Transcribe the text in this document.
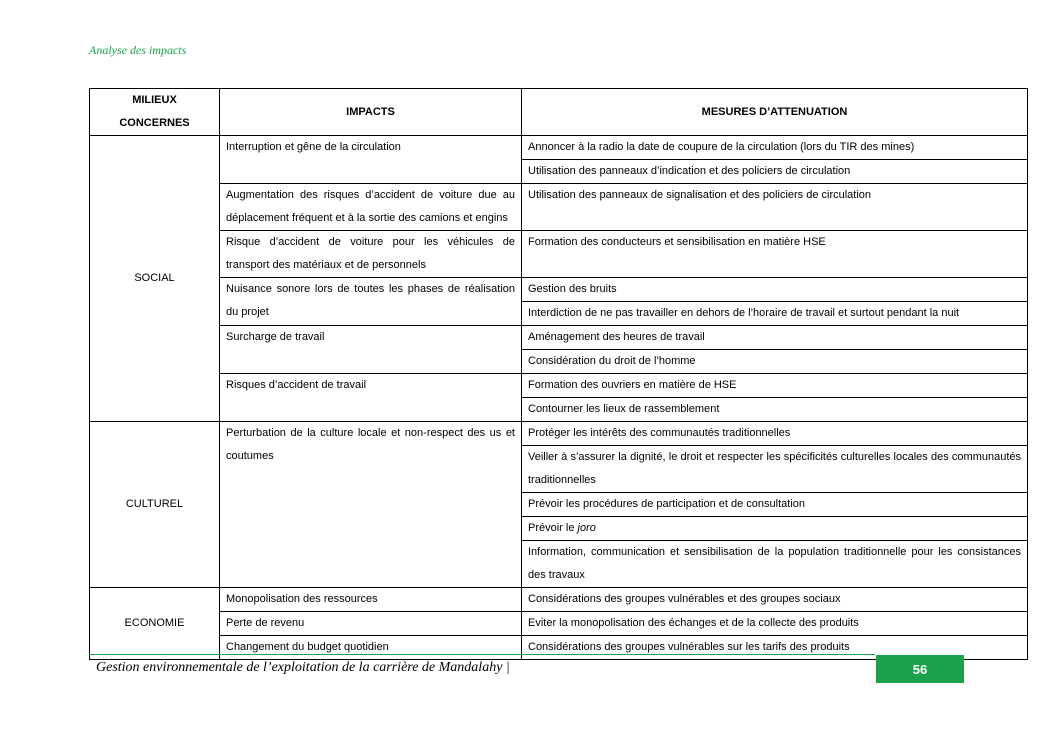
Analyse des impacts
MILIEUX CONCERNES	IMPACTS	MESURES D’ATTENUATION
SOCIAL	Interruption et gêne de la circulation	Annoncer à la radio la date de coupure de la circulation (lors du TIR des mines)
		Utilisation des panneaux d’indication et des policiers de circulation
	Augmentation des risques d’accident de voiture due au déplacement fréquent et à la sortie des camions et engins	Utilisation des panneaux de signalisation et des policiers de circulation
	Risque d’accident de voiture pour les véhicules de transport des matériaux et de personnels	Formation des conducteurs et sensibilisation en matière HSE
	Nuisance sonore lors de toutes les phases de réalisation du projet	Gestion des bruits
		Interdiction de ne pas travailler en dehors de l’horaire de travail et surtout pendant la nuit
	Surcharge de travail	Aménagement des heures de travail
		Considération du droit de l’homme
	Risques d’accident de travail	Formation des ouvriers en matière de HSE
		Contourner les lieux de rassemblement
CULTUREL	Perturbation de la culture locale et non-respect des us et coutumes	Protéger les intérêts des communautés traditionnelles
		Veiller à s’assurer la dignité, le droit et respecter les spécificités culturelles locales des communautés traditionnelles
		Prévoir les procédures de participation et de consultation
		Prévoir le joro
		Information, communication et sensibilisation de la population traditionnelle pour les consistances des travaux
ECONOMIE	Monopolisation des ressources	Considérations des groupes vulnérables et des groupes sociaux
	Perte de revenu	Eviter la monopolisation des échanges et de la collecte des produits
	Changement du budget quotidien	Considérations des groupes vulnérables sur les tarifs des produits
Gestion environnementale de l’exploitation de la carrière de Mandalahy |	56
